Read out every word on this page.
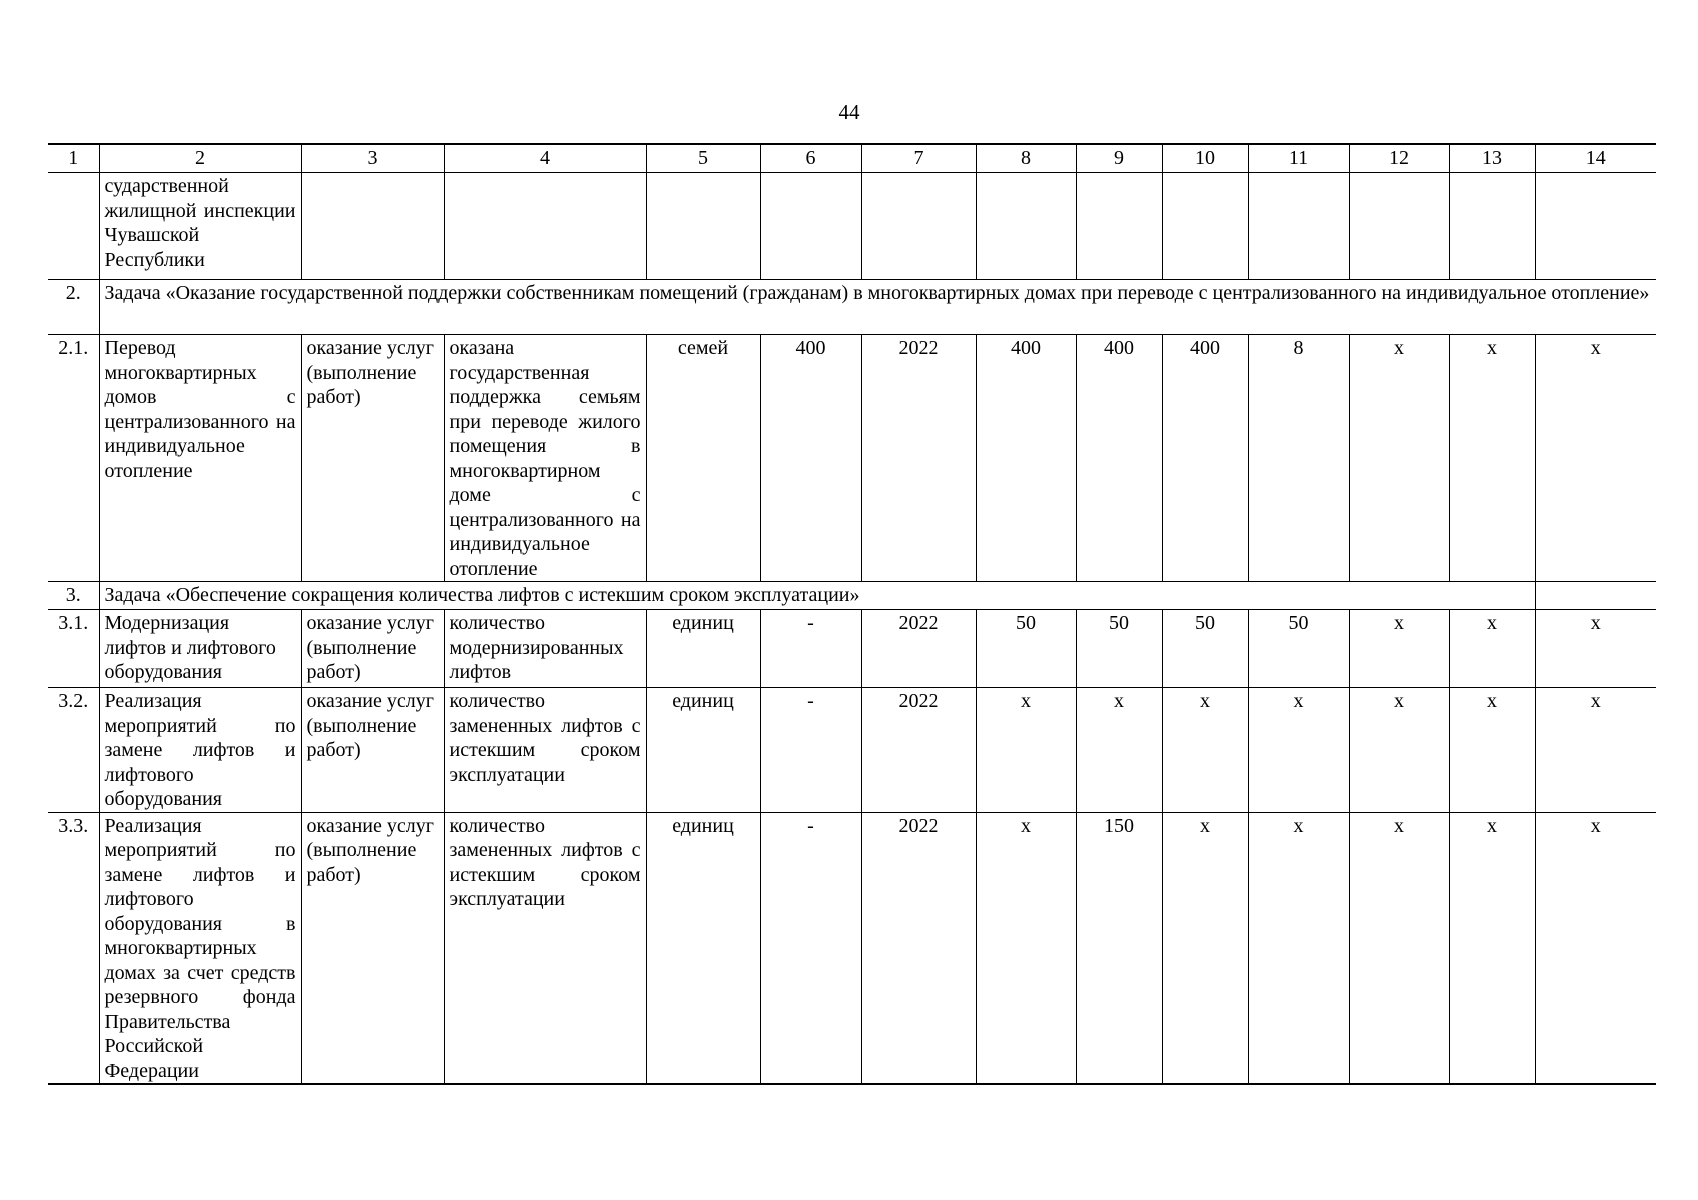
44
1	2	3	4	5	6	7	8	9	10	11	12	13	14
	сударственной жилищной инспекции Чувашской Республики												
2.	Задача «Оказание государственной поддержки собственникам помещений (гражданам) в многоквартирных домах при переводе с централизованного на индивидуальное отопление»												
2.1.	Перевод многоквартирных домов с централизованного на индивидуальное отопление	оказание услуг (выполнение работ)	оказана государственная поддержка семьям при переводе жилого помещения в многоквартирном доме с централизованного на индивидуальное отопление	семей	400	2022	400	400	400	8	х	х	х
3.	Задача «Обеспечение сокращения количества лифтов с истекшим сроком эксплуатации»												
3.1.	Модернизация лифтов и лифтового оборудования	оказание услуг (выполнение работ)	количество модернизированных лифтов	единиц	-	2022	50	50	50	50	х	х	х
3.2.	Реализация мероприятий по замене лифтов и лифтового оборудования	оказание услуг (выполнение работ)	количество замененных лифтов с истекшим сроком эксплуатации	единиц	-	2022	х	х	х	х	х	х	х
3.3.	Реализация мероприятий по замене лифтов и лифтового оборудования в многоквартирных домах за счет средств резервного фонда Правительства Российской Федерации	оказание услуг (выполнение работ)	количество замененных лифтов с истекшим сроком эксплуатации	единиц	-	2022	х	150	х	х	х	х	х
